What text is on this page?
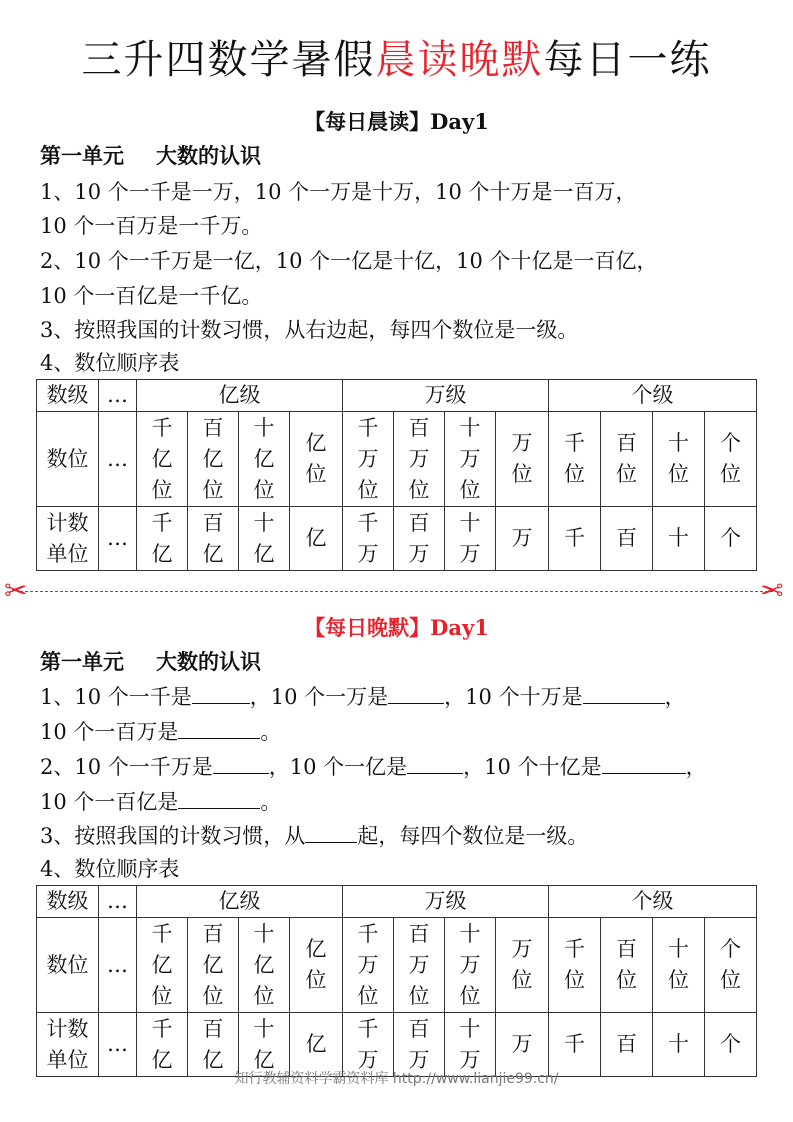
三升四数学暑假晨读晚默每日一练
【每日晨读】Day1
第一单元 大数的认识
1、10 个一千是一万，10 个一万是十万，10 个十万是一百万，
10 个一百万是一千万。
2、10 个一千万是一亿，10 个一亿是十亿，10 个十亿是一百亿，
10 个一百亿是一千亿。
3、按照我国的计数习惯，从右边起，每四个数位是一级。
4、数位顺序表
数级	…	亿级				万级				个级			
数位	…	千亿位	百亿位	十亿位	亿位	千万位	百万位	十万位	万位	千位	百位	十位	个位
计数单位	…	千亿	百亿	十亿	亿	千万	百万	十万	万	千	百	十	个
✂	✂
【每日晚默】Day1
第一单元 大数的认识
1、10 个一千是	，10 个一万是	，10 个十万是	，
10 个一百万是	。
2、10 个一千万是	，10 个一亿是	，10 个十亿是	，
10 个一百亿是	。
3、按照我国的计数习惯，从 起，每四个数位是一级。
4、数位顺序表
数级	…	亿级				万级				个级			
数位	…	千亿位	百亿位	十亿位	亿位	千万位	百万位	十万位	万位	千位	百位	十位	个位
计数单位	…	千亿	百亿	十亿	亿	千万	百万	十万	万	千	百	十	个
知行教辅资料学霸资料库 http://www.lianjie99.cn/
